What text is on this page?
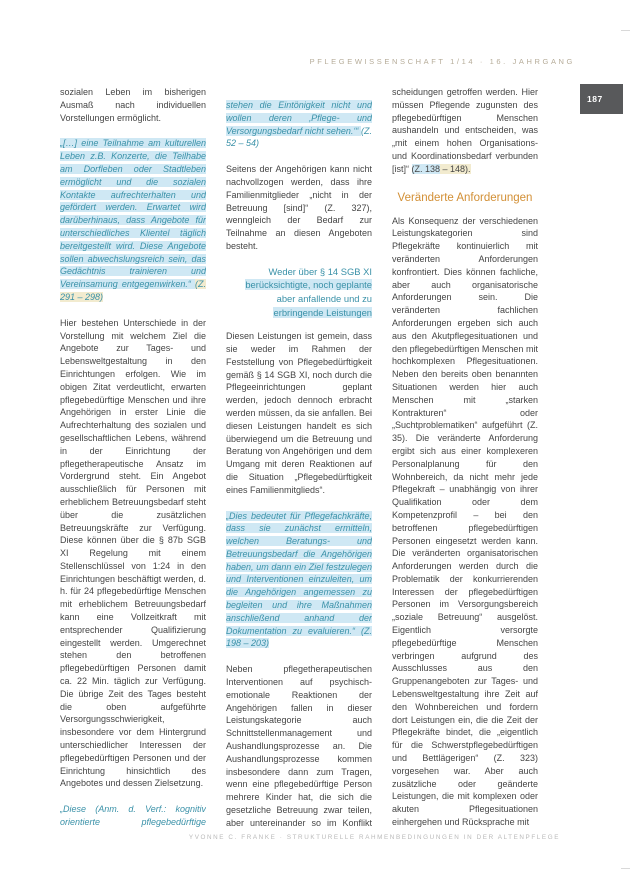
PFLEGEWISSENSCHAFT 1/14 · 16. JAHRGANG
187
sozialen Leben im bisherigen Ausmaß nach individuellen Vorstellungen ermöglicht.
„[…] eine Teilnahme am kulturellen Leben z.B. Konzerte, die Teilhabe am Dorfleben oder Stadtleben ermöglicht und die sozialen Kontakte aufrechterhalten und gefördert werden. Erwartet wird darüberhinaus, dass Angebote für unterschiedliches Klientel täglich bereitgestellt wird. Diese Angebote sollen abwechslungsreich sein, das Gedächtnis trainieren und Vereinsamung entgegenwirken.“ (Z. 291 – 298)
Hier bestehen Unterschiede in der Vorstellung mit welchem Ziel die Angebote zur Tages- und Lebensweltgestaltung in den Einrichtungen erfolgen. Wie im obigen Zitat verdeutlicht, erwarten pflegebedürftige Menschen und ihre Angehörigen in erster Linie die Aufrechterhaltung des sozialen und gesellschaftlichen Lebens, während in der Einrichtung der pflegetherapeutische Ansatz im Vordergrund steht. Ein Angebot ausschließlich für Personen mit erheblichem Betreuungsbedarf steht über die zusätzlichen Betreuungskräfte zur Verfügung. Diese können über die § 87b SGB XI Regelung mit einem Stellenschlüssel von 1:24 in den Einrichtungen beschäftigt werden, d. h. für 24 pflegebedürftige Menschen mit erheblichem Betreuungsbedarf kann eine Vollzeitkraft mit entsprechender Qualifizierung eingestellt werden. Umgerechnet stehen den betroffenen pflegebedürftigen Personen damit ca. 22 Min. täglich zur Verfügung. Die übrige Zeit des Tages besteht die oben aufgeführte Versorgungsschwierigkeit, insbesondere vor dem Hintergrund unterschiedlicher Interessen der pflegebedürftigen Personen und der Einrichtung hinsichtlich des Angebotes und dessen Zielsetzung.
„Diese (Anm. d. Verf.: kognitiv orientierte pflegebedürftige
stehen die Eintönigkeit nicht und wollen deren ‚Pflege- und Versorgungsbedarf nicht sehen.‘“ (Z. 52 – 54)
Seitens der Angehörigen kann nicht nachvollzogen werden, dass ihre Familienmitglieder „nicht in der Betreuung [sind]“ (Z. 327), wenngleich der Bedarf zur Teilnahme an diesen Angeboten besteht.
Weder über § 14 SGB XI
berücksichtigte, noch geplante
aber anfallende und zu
erbringende Leistungen
Diesen Leistungen ist gemein, dass sie weder im Rahmen der Feststellung von Pflegebedürftigkeit gemäß § 14 SGB XI, noch durch die Pflegeeinrichtungen geplant werden, jedoch dennoch erbracht werden müssen, da sie anfallen. Bei diesen Leistungen handelt es sich überwiegend um die Betreuung und Beratung von Angehörigen und dem Umgang mit deren Reaktionen auf die Situation „Pflegebedürftigkeit eines Familienmitglieds“.
„Dies bedeutet für Pflegefachkräfte, dass sie zunächst ermitteln, welchen Beratungs- und Betreuungsbedarf die Angehörigen haben, um dann ein Ziel festzulegen und Interventionen einzuleiten, um die Angehörigen angemessen zu begleiten und ihre Maßnahmen anschließend anhand der Dokumentation zu evaluieren.“ (Z. 198 – 203)
Neben pflegetherapeutischen Interventionen auf psychisch-emotionale Reaktionen der Angehörigen fallen in dieser Leistungskategorie auch Schnittstellenmanagement und Aushandlungsprozesse an. Die Aushandlungsprozesse kommen insbesondere dann zum Tragen, wenn eine pflegebedürftige Person mehrere Kinder hat, die sich die gesetzliche Betreuung zwar teilen, aber untereinander so im Konflikt
scheidungen getroffen werden. Hier müssen Pflegende zugunsten des pflegebedürftigen Menschen aushandeln und entscheiden, was „mit einem hohen Organisations- und Koordinationsbedarf verbunden [ist]“ (Z. 138 – 148).
Veränderte Anforderungen
Als Konsequenz der verschiedenen Leistungskategorien sind Pflegekräfte kontinuierlich mit veränderten Anforderungen konfrontiert. Dies können fachliche, aber auch organisatorische Anforderungen sein. Die veränderten fachlichen Anforderungen ergeben sich auch aus den Akutpflegesituationen und den pflegebedürftigen Menschen mit hochkomplexen Pflegesituationen. Neben den bereits oben benannten Situationen werden hier auch Menschen mit „starken Kontrakturen“ oder „Suchtproblematiken“ aufgeführt (Z. 35). Die veränderte Anforderung ergibt sich aus einer komplexeren Personalplanung für den Wohnbereich, da nicht mehr jede Pflegekraft – unabhängig von ihrer Qualifikation oder dem Kompetenzprofil – bei den betroffenen pflegebedürftigen Personen eingesetzt werden kann. Die veränderten organisatorischen Anforderungen werden durch die Problematik der konkurrierenden Interessen der pflegebedürftigen Personen im Versorgungsbereich „soziale Betreuung“ ausgelöst. Eigentlich versorgte pflegebedürftige Menschen verbringen aufgrund des Ausschlusses aus den Gruppenangeboten zur Tages- und Lebensweltgestaltung ihre Zeit auf den Wohnbereichen und fordern dort Leistungen ein, die die Zeit der Pflegekräfte bindet, die „eigentlich für die Schwerstpflegebedürftigen und Bettlägerigen“ (Z. 323) vorgesehen war. Aber auch zusätzliche oder geänderte Leistungen, die mit komplexen oder akuten Pflegesituationen einhergehen und Rücksprache mit
YVONNE C. FRANKE · STRUKTURELLE RAHMENBEDINGUNGEN IN DER ALTENPFLEGE
